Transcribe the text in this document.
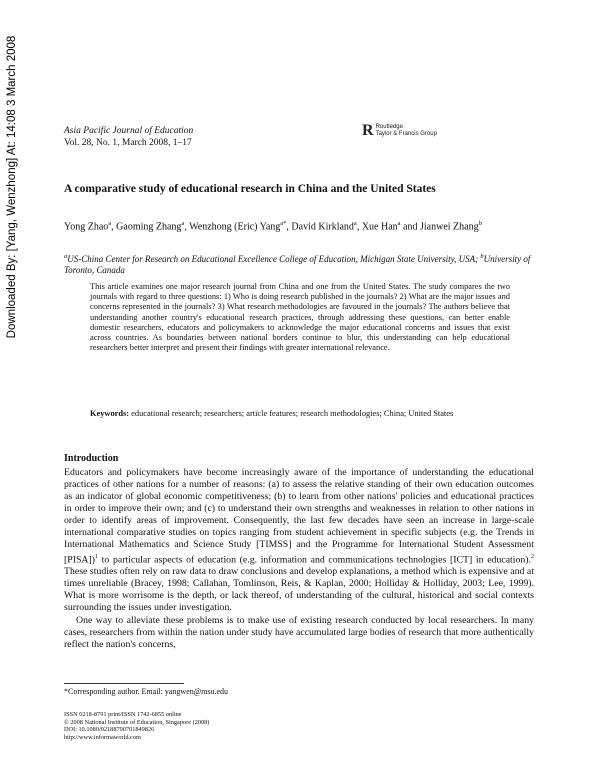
Downloaded By: [Yang, Wenzhong] At: 14:08 3 March 2008	Asia Pacific Journal of Education
Vol. 28, No. 1, March 2008, 1–17
R Routledge
Taylor & Francis Group
A comparative study of educational research in China and the United States
Yong Zhao$^a$, Gaoming Zhang$^a$, Wenzhong (Eric) Yang$^{a*}$, David Kirkland$^a$, Xue Han$^a$ and Jianwei Zhang$^b$
$^a$US-China Center for Research on Educational Excellence College of Education, Michigan State University, USA; $^b$University of Toronto, Canada
This article examines one major research journal from China and one from the United States. The study compares the two journals with regard to three questions: 1) Who is doing research published in the journals? 2) What are the major issues and concerns represented in the journals? 3) What research methodologies are favoured in the journals? The authors believe that understanding another country's educational research practices, through addressing these questions, can better enable domestic researchers, educators and policymakers to acknowledge the major educational concerns and issues that exist across countries. As boundaries between national borders continue to blur, this understanding can help educational researchers better interpret and present their findings with greater international relevance.
Keywords: educational research; researchers; article features; research methodologies; China; United States
Introduction

Educators and policymakers have become increasingly aware of the importance of understanding the educational practices of other nations for a number of reasons: (a) to assess the relative standing of their own education outcomes as an indicator of global economic competitiveness; (b) to learn from other nations' policies and educational practices in order to improve their own; and (c) to understand their own strengths and weaknesses in relation to other nations in order to identify areas of improvement. Consequently, the last few decades have seen an increase in large-scale international comparative studies on topics ranging from student achievement in specific subjects (e.g. the Trends in International Mathematics and Science Study [TIMSS] and the Programme for International Student Assessment [PISA])$^1$ to particular aspects of education (e.g. information and communications technologies [ICT] in education).$^2$ These studies often rely on raw data to draw conclusions and develop explanations, a method which is expensive and at times unreliable (Bracey, 1998; Callahan, Tomlinson, Reis, & Kaplan, 2000; Holliday & Holliday, 2003; Lee, 1999). What is more worrisome is the depth, or lack thereof, of understanding of the cultural, historical and social contexts surrounding the issues under investigation.

One way to alleviate these problems is to make use of existing research conducted by local researchers. In many cases, researchers from within the nation under study have accumulated large bodies of research that more authentically reflect the nation's concerns,

*Corresponding author. Email: yangwen@msu.edu
ISSN 0218-8791 print/ISSN 1742-6855 online
© 2008 National Institute of Education, Singapore (2008)
DOI: 10.1080/02188790701849826
http://www.informaworld.com
